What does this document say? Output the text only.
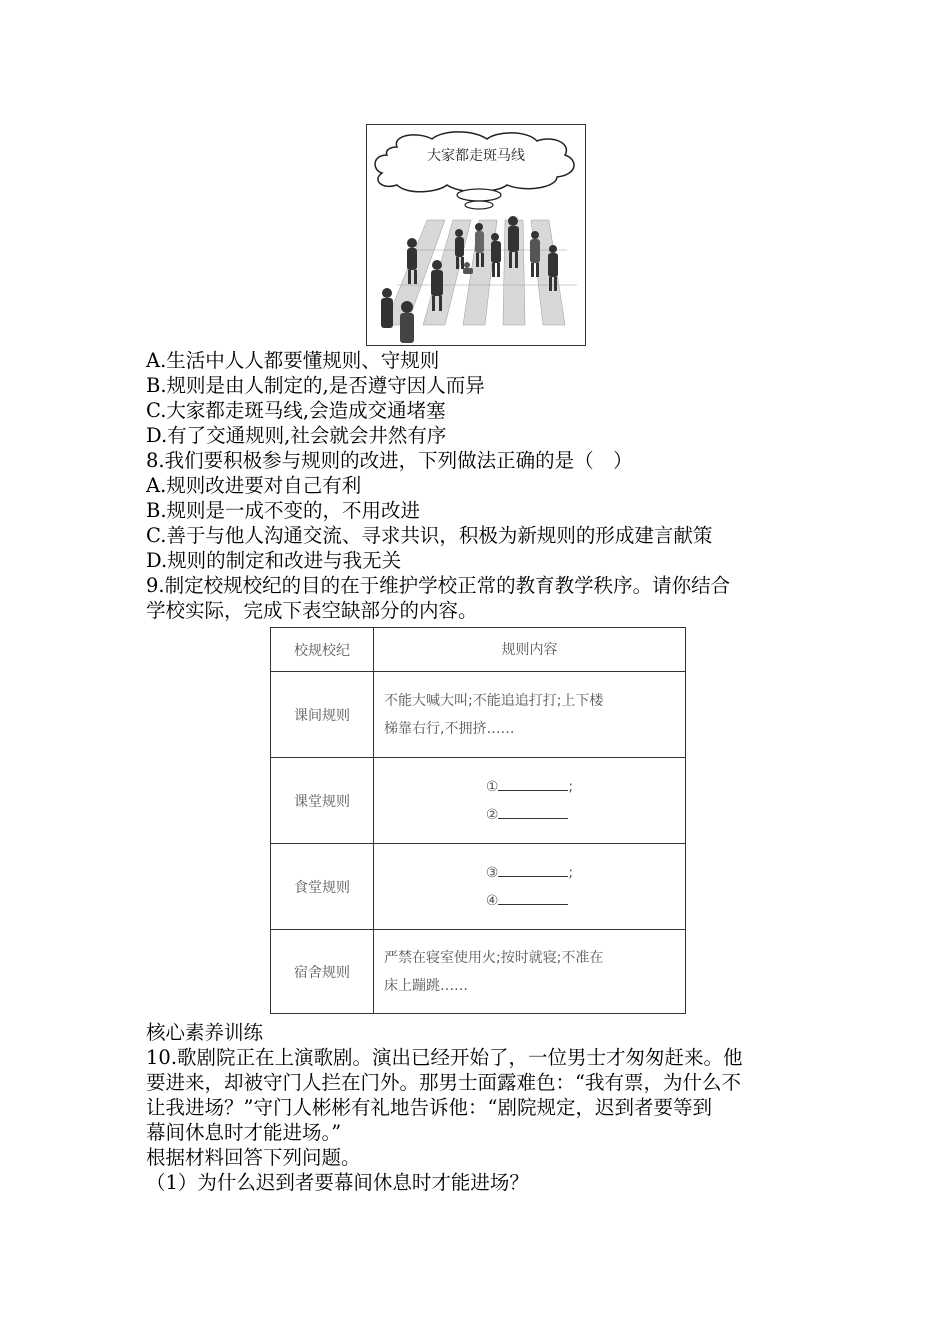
大家都走斑马线
A.生活中人人都要懂规则、守规则
B.规则是由人制定的,是否遵守因人而异
C.大家都走斑马线,会造成交通堵塞
D.有了交通规则,社会就会井然有序
8.我们要积极参与规则的改进，下列做法正确的是（　）
A.规则改进要对自己有利
B.规则是一成不变的，不用改进
C.善于与他人沟通交流、寻求共识，积极为新规则的形成建言献策
D.规则的制定和改进与我无关
9.制定校规校纪的目的在于维护学校正常的教育教学秩序。请你结合
学校实际，完成下表空缺部分的内容。
校规校纪	规则内容
课间规则	不能大喊大叫;不能追追打打;上下楼
梯靠右行,不拥挤……

课堂规则	① ;
②

食堂规则	③ ;
④

宿舍规则	严禁在寝室使用火;按时就寝;不准在
床上蹦跳……
核心素养训练
10.歌剧院正在上演歌剧。演出已经开始了，一位男士才匆匆赶来。他
要进来，却被守门人拦在门外。那男士面露难色：“我有票，为什么不
让我进场？”守门人彬彬有礼地告诉他：“剧院规定，迟到者要等到
幕间休息时才能进场。”
根据材料回答下列问题。
（1）为什么迟到者要幕间休息时才能进场？
